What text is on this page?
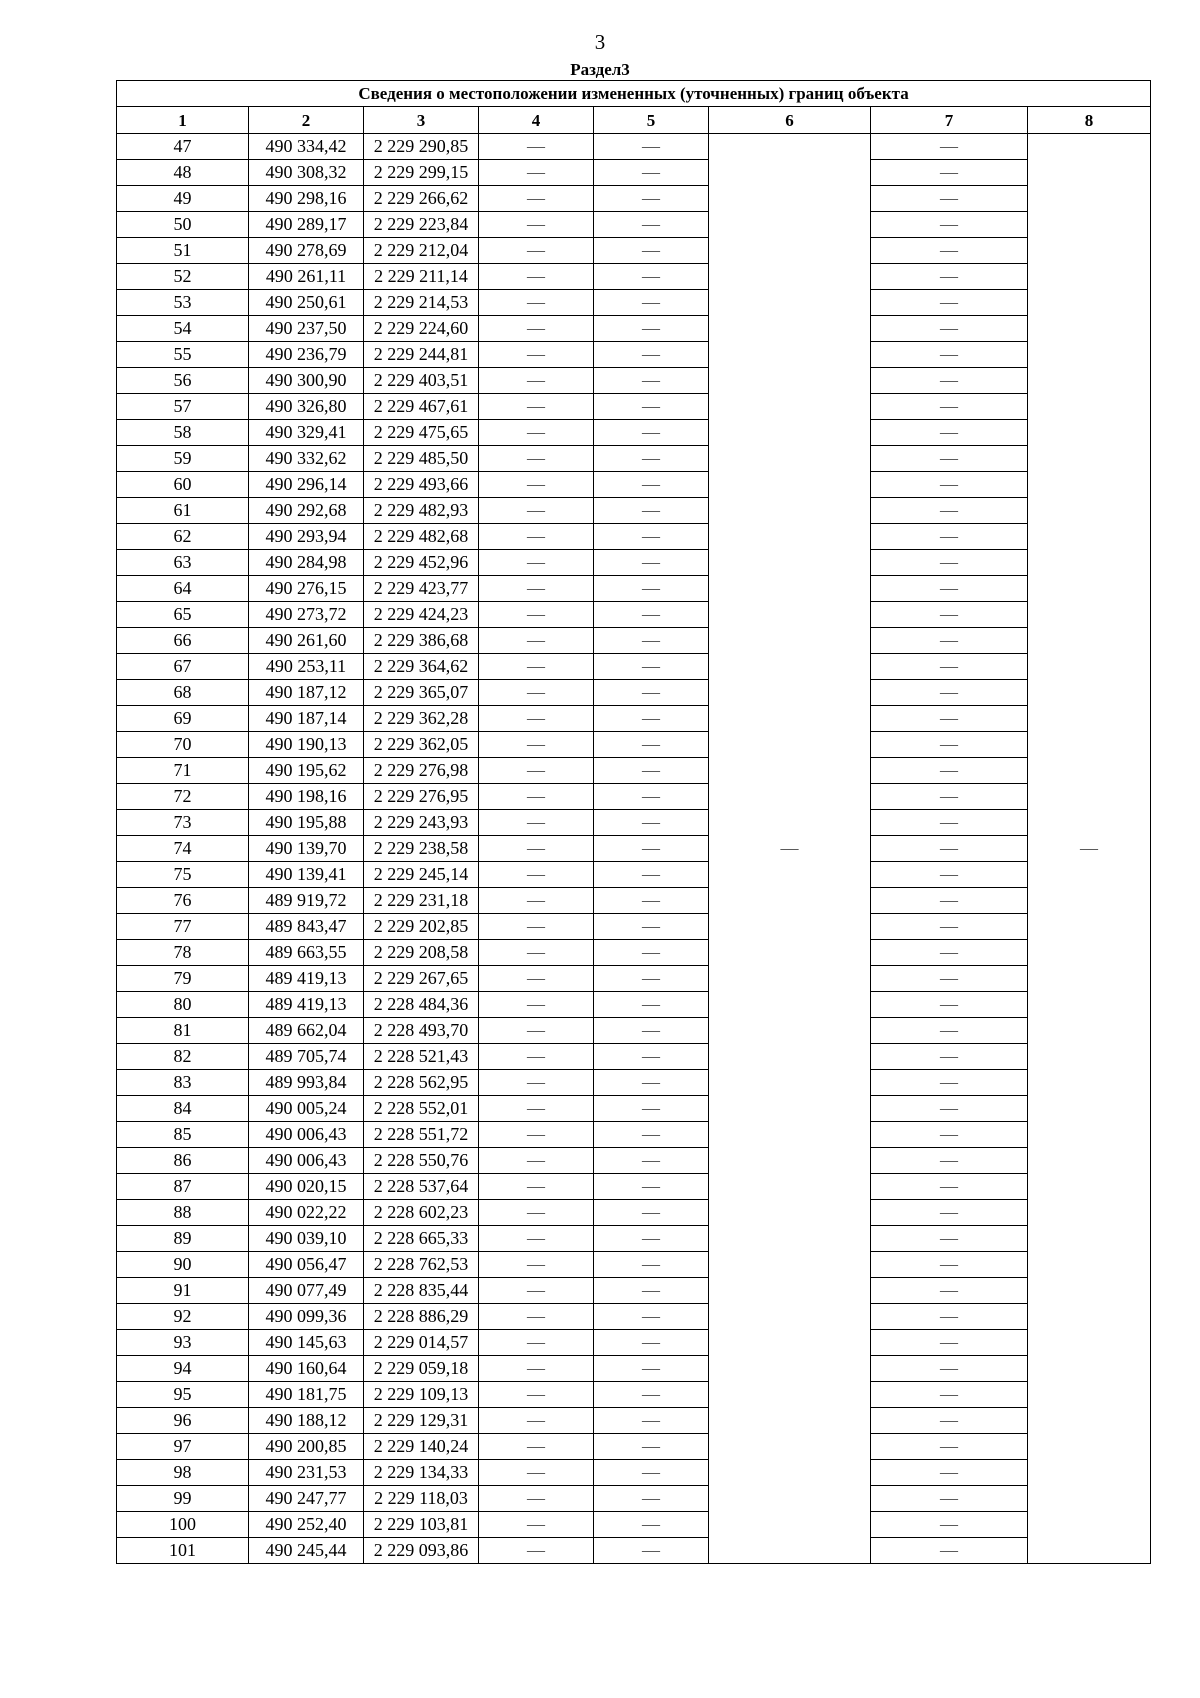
3
Раздел3
Сведения о местоположении измененных (уточненных) границ объекта							
1	2	3	4	5	6	7	8
47	490 334,42	2 229 290,85	—	—	—	—	—
48	490 308,32	2 229 299,15	—	—		—	
49	490 298,16	2 229 266,62	—	—		—	
50	490 289,17	2 229 223,84	—	—		—	
51	490 278,69	2 229 212,04	—	—		—	
52	490 261,11	2 229 211,14	—	—		—	
53	490 250,61	2 229 214,53	—	—		—	
54	490 237,50	2 229 224,60	—	—		—	
55	490 236,79	2 229 244,81	—	—		—	
56	490 300,90	2 229 403,51	—	—		—	
57	490 326,80	2 229 467,61	—	—		—	
58	490 329,41	2 229 475,65	—	—		—	
59	490 332,62	2 229 485,50	—	—		—	
60	490 296,14	2 229 493,66	—	—		—	
61	490 292,68	2 229 482,93	—	—		—	
62	490 293,94	2 229 482,68	—	—		—	
63	490 284,98	2 229 452,96	—	—		—	
64	490 276,15	2 229 423,77	—	—		—	
65	490 273,72	2 229 424,23	—	—		—	
66	490 261,60	2 229 386,68	—	—		—	
67	490 253,11	2 229 364,62	—	—		—	
68	490 187,12	2 229 365,07	—	—		—	
69	490 187,14	2 229 362,28	—	—		—	
70	490 190,13	2 229 362,05	—	—		—	
71	490 195,62	2 229 276,98	—	—		—	
72	490 198,16	2 229 276,95	—	—		—	
73	490 195,88	2 229 243,93	—	—		—	
74	490 139,70	2 229 238,58	—	—		—	
75	490 139,41	2 229 245,14	—	—		—	
76	489 919,72	2 229 231,18	—	—		—	
77	489 843,47	2 229 202,85	—	—		—	
78	489 663,55	2 229 208,58	—	—		—	
79	489 419,13	2 229 267,65	—	—		—	
80	489 419,13	2 228 484,36	—	—		—	
81	489 662,04	2 228 493,70	—	—		—	
82	489 705,74	2 228 521,43	—	—		—	
83	489 993,84	2 228 562,95	—	—		—	
84	490 005,24	2 228 552,01	—	—		—	
85	490 006,43	2 228 551,72	—	—		—	
86	490 006,43	2 228 550,76	—	—		—	
87	490 020,15	2 228 537,64	—	—		—	
88	490 022,22	2 228 602,23	—	—		—	
89	490 039,10	2 228 665,33	—	—		—	
90	490 056,47	2 228 762,53	—	—		—	
91	490 077,49	2 228 835,44	—	—		—	
92	490 099,36	2 228 886,29	—	—		—	
93	490 145,63	2 229 014,57	—	—		—	
94	490 160,64	2 229 059,18	—	—		—	
95	490 181,75	2 229 109,13	—	—		—	
96	490 188,12	2 229 129,31	—	—		—	
97	490 200,85	2 229 140,24	—	—		—	
98	490 231,53	2 229 134,33	—	—		—	
99	490 247,77	2 229 118,03	—	—		—	
100	490 252,40	2 229 103,81	—	—		—	
101	490 245,44	2 229 093,86	—	—		—	
